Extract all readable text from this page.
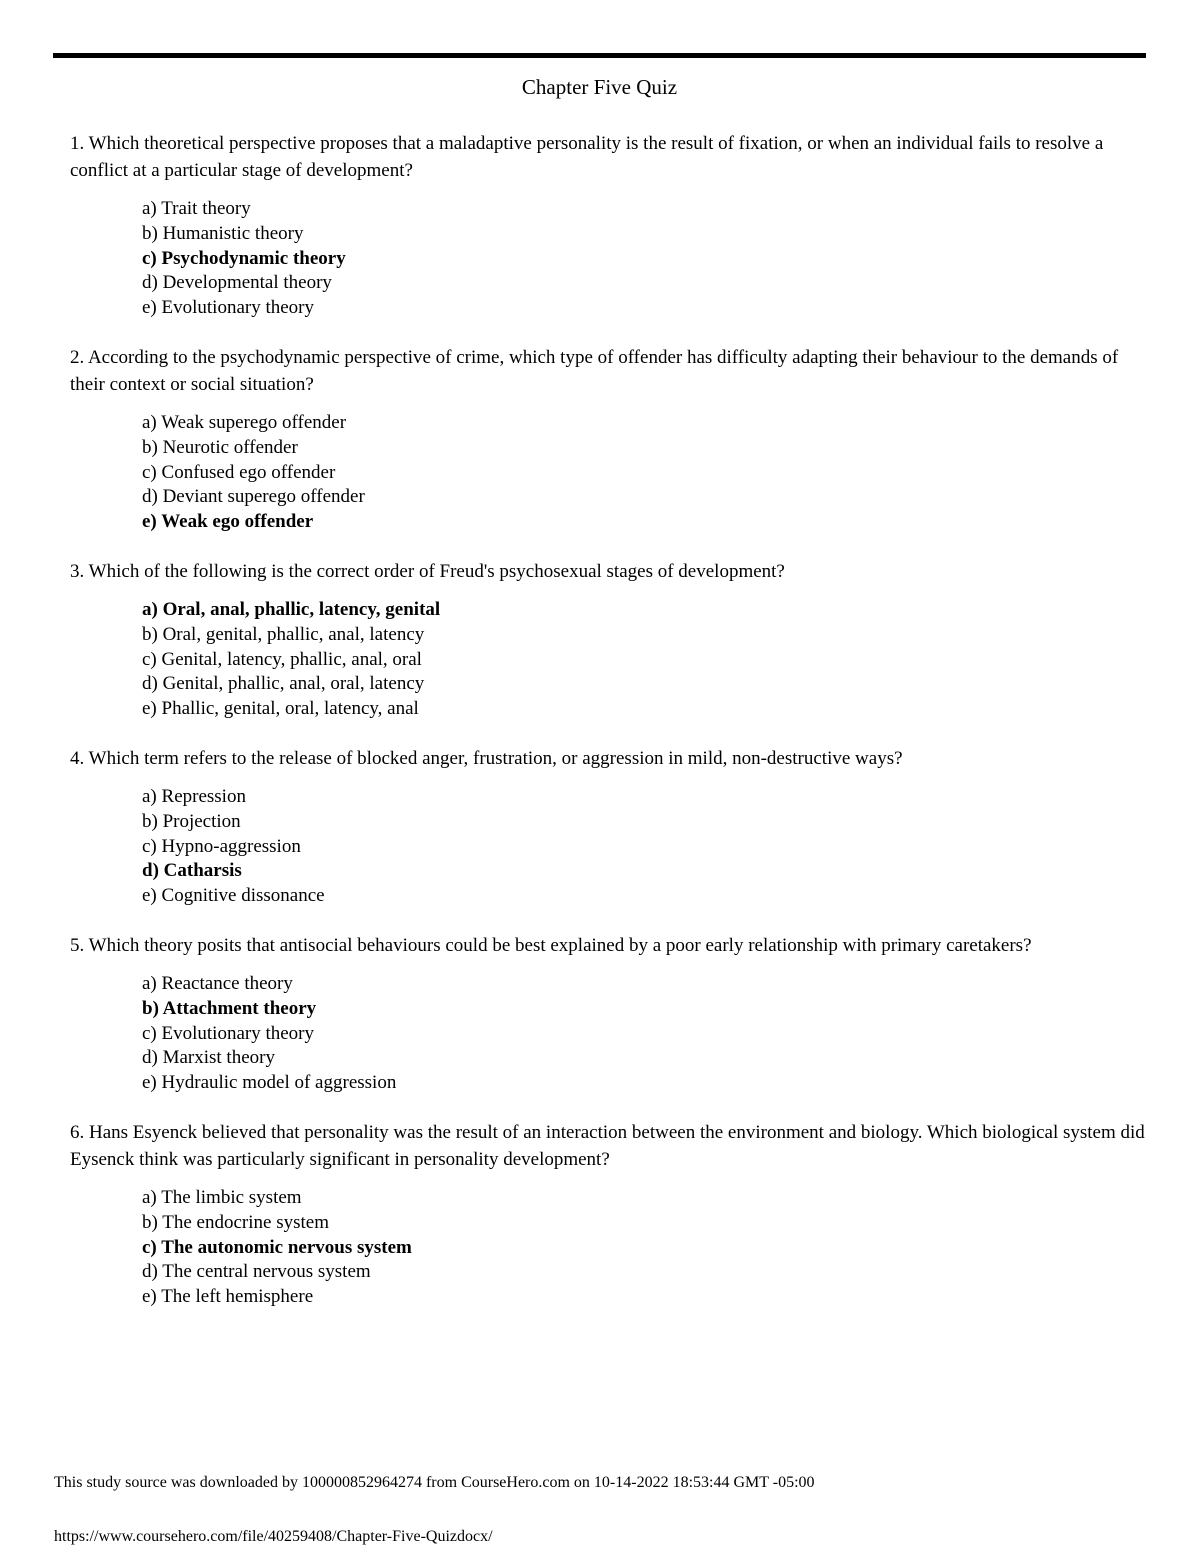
Chapter Five Quiz

1. Which theoretical perspective proposes that a maladaptive personality is the result of fixation, or when an individual fails to resolve a conflict at a particular stage of development?

a) Trait theory
b) Humanistic theory
c) Psychodynamic theory
d) Developmental theory
e) Evolutionary theory

2. According to the psychodynamic perspective of crime, which type of offender has difficulty adapting their behaviour to the demands of their context or social situation?

a) Weak superego offender
b) Neurotic offender
c) Confused ego offender
d) Deviant superego offender
e) Weak ego offender

3. Which of the following is the correct order of Freud's psychosexual stages of development?

a) Oral, anal, phallic, latency, genital
b) Oral, genital, phallic, anal, latency
c) Genital, latency, phallic, anal, oral
d) Genital, phallic, anal, oral, latency
e) Phallic, genital, oral, latency, anal

4. Which term refers to the release of blocked anger, frustration, or aggression in mild, non-destructive ways?

a) Repression
b) Projection
c) Hypno-aggression
d) Catharsis
e) Cognitive dissonance

5. Which theory posits that antisocial behaviours could be best explained by a poor early relationship with primary caretakers?

a) Reactance theory
b) Attachment theory
c) Evolutionary theory
d) Marxist theory
e) Hydraulic model of aggression

6. Hans Esyenck believed that personality was the result of an interaction between the environment and biology. Which biological system did Eysenck think was particularly significant in personality development?

a) The limbic system
b) The endocrine system
c) The autonomic nervous system
d) The central nervous system
e) The left hemisphere
This study source was downloaded by 100000852964274 from CourseHero.com on 10-14-2022 18:53:44 GMT -05:00
https://www.coursehero.com/file/40259408/Chapter-Five-Quizdocx/
